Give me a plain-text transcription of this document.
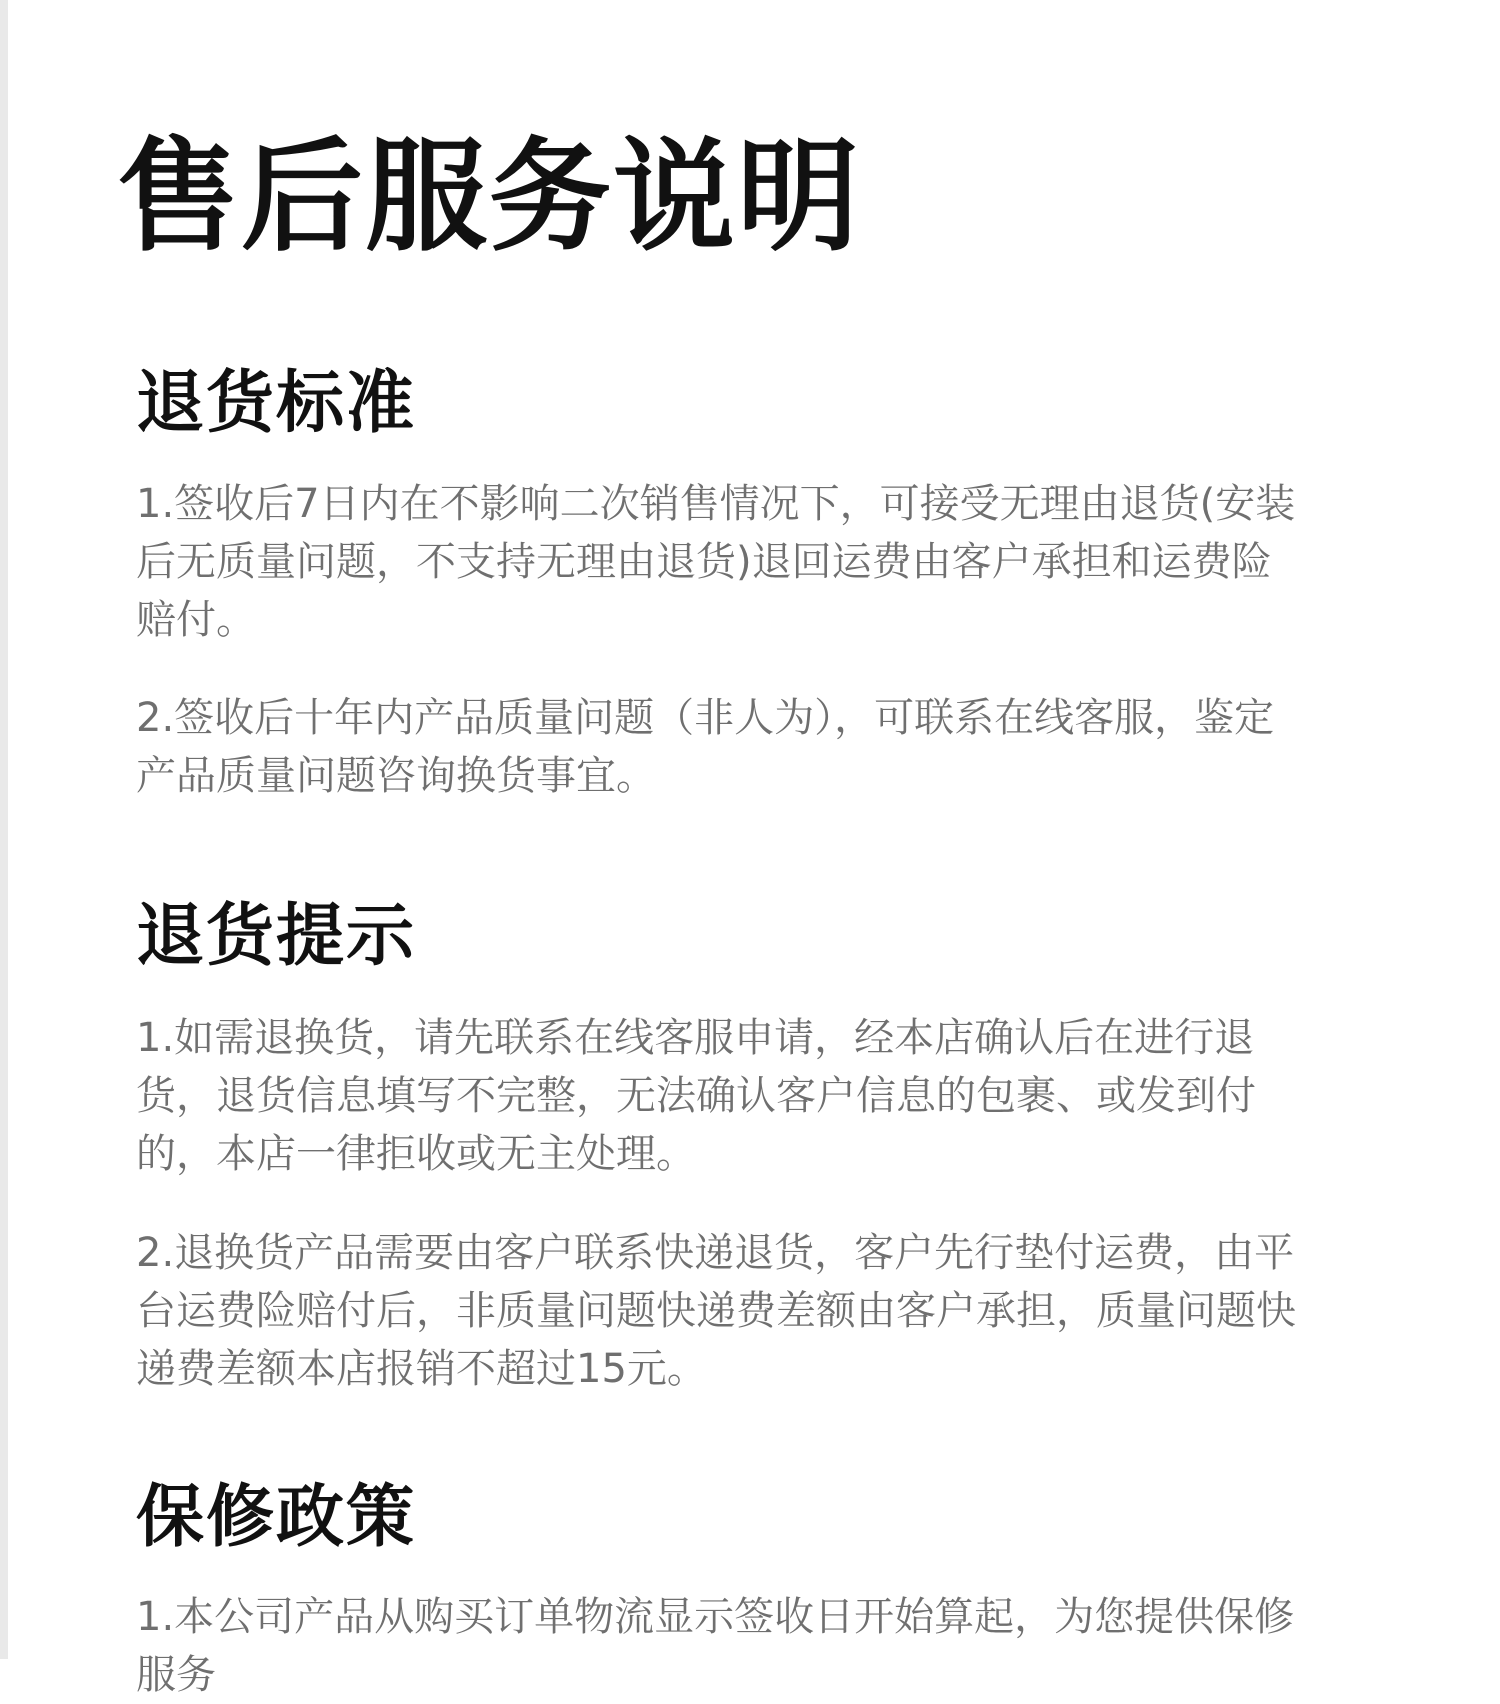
售后服务说明
退货标准

1.签收后7日内在不影响二次销售情况下，可接受无理由退货(安装后无质量问题，不支持无理由退货)退回运费由客户承担和运费险赔付。

2.签收后十年内产品质量问题（非人为），可联系在线客服，鉴定产品质量问题咨询换货事宜。

退货提示

1.如需退换货，请先联系在线客服申请，经本店确认后在进行退货，退货信息填写不完整，无法确认客户信息的包裹、或发到付的，本店一律拒收或无主处理。

2.退换货产品需要由客户联系快递退货，客户先行垫付运费，由平台运费险赔付后，非质量问题快递费差额由客户承担，质量问题快递费差额本店报销不超过15元。

保修政策

1.本公司产品从购买订单物流显示签收日开始算起，为您提供保修服务
